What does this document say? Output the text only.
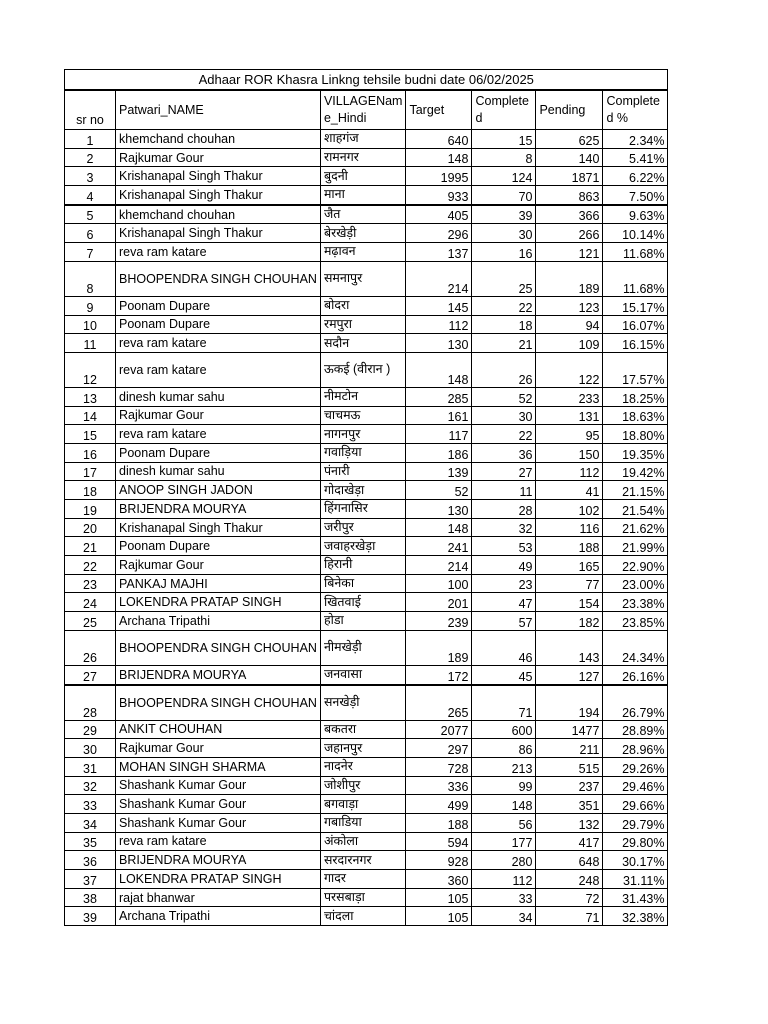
Adhaar ROR Khasra Linkng tehsile budni date 06/02/2025						
sr no	Patwari_NAME	VILLAGENam e_Hindi	Target	Complete d	Pending	Complete d %
1	khemchand chouhan	शाहगंज	640	15	625	2.34%
2	Rajkumar Gour	रामनगर	148	8	140	5.41%
3	Krishanapal Singh Thakur	बुदनी	1995	124	1871	6.22%
4	Krishanapal Singh Thakur	माना	933	70	863	7.50%
5	khemchand chouhan	जैत	405	39	366	9.63%
6	Krishanapal Singh Thakur	बेरखेड़ी	296	30	266	10.14%
7	reva ram katare	मढ़ावन	137	16	121	11.68%
8	BHOOPENDRA SINGH CHOUHAN	समनापुर	214	25	189	11.68%
9	Poonam Dupare	बोदरा	145	22	123	15.17%
10	Poonam Dupare	रमपुरा	112	18	94	16.07%
11	reva ram katare	सदौन	130	21	109	16.15%
12	reva ram katare	ऊकई (वीरान )	148	26	122	17.57%
13	dinesh kumar sahu	नीमटोन	285	52	233	18.25%
14	Rajkumar Gour	चाचमऊ	161	30	131	18.63%
15	reva ram katare	नागनपुर	117	22	95	18.80%
16	Poonam Dupare	गवाड़िया	186	36	150	19.35%
17	dinesh kumar sahu	पंनारी	139	27	112	19.42%
18	ANOOP SINGH JADON	गोदाखेड़ा	52	11	41	21.15%
19	BRIJENDRA MOURYA	हिंगनासिर	130	28	102	21.54%
20	Krishanapal Singh Thakur	जरीपुर	148	32	116	21.62%
21	Poonam Dupare	जवाहरखेड़ा	241	53	188	21.99%
22	Rajkumar Gour	हिरानी	214	49	165	22.90%
23	PANKAJ MAJHI	बिनेका	100	23	77	23.00%
24	LOKENDRA PRATAP SINGH	खितवाई	201	47	154	23.38%
25	Archana Tripathi	होडा	239	57	182	23.85%
26	BHOOPENDRA SINGH CHOUHAN	नीमखेड़ी	189	46	143	24.34%
27	BRIJENDRA MOURYA	जनवासा	172	45	127	26.16%
28	BHOOPENDRA SINGH CHOUHAN	सनखेड़ी	265	71	194	26.79%
29	ANKIT CHOUHAN	बकतरा	2077	600	1477	28.89%
30	Rajkumar Gour	जहानपुर	297	86	211	28.96%
31	MOHAN SINGH SHARMA	नादनेर	728	213	515	29.26%
32	Shashank Kumar Gour	जोशीपुर	336	99	237	29.46%
33	Shashank Kumar Gour	बगवाड़ा	499	148	351	29.66%
34	Shashank Kumar Gour	गबाडिया	188	56	132	29.79%
35	reva ram katare	अंकोला	594	177	417	29.80%
36	BRIJENDRA MOURYA	सरदारनगर	928	280	648	30.17%
37	LOKENDRA PRATAP SINGH	गादर	360	112	248	31.11%
38	rajat bhanwar	परसबाड़ा	105	33	72	31.43%
39	Archana Tripathi	चांदला	105	34	71	32.38%
